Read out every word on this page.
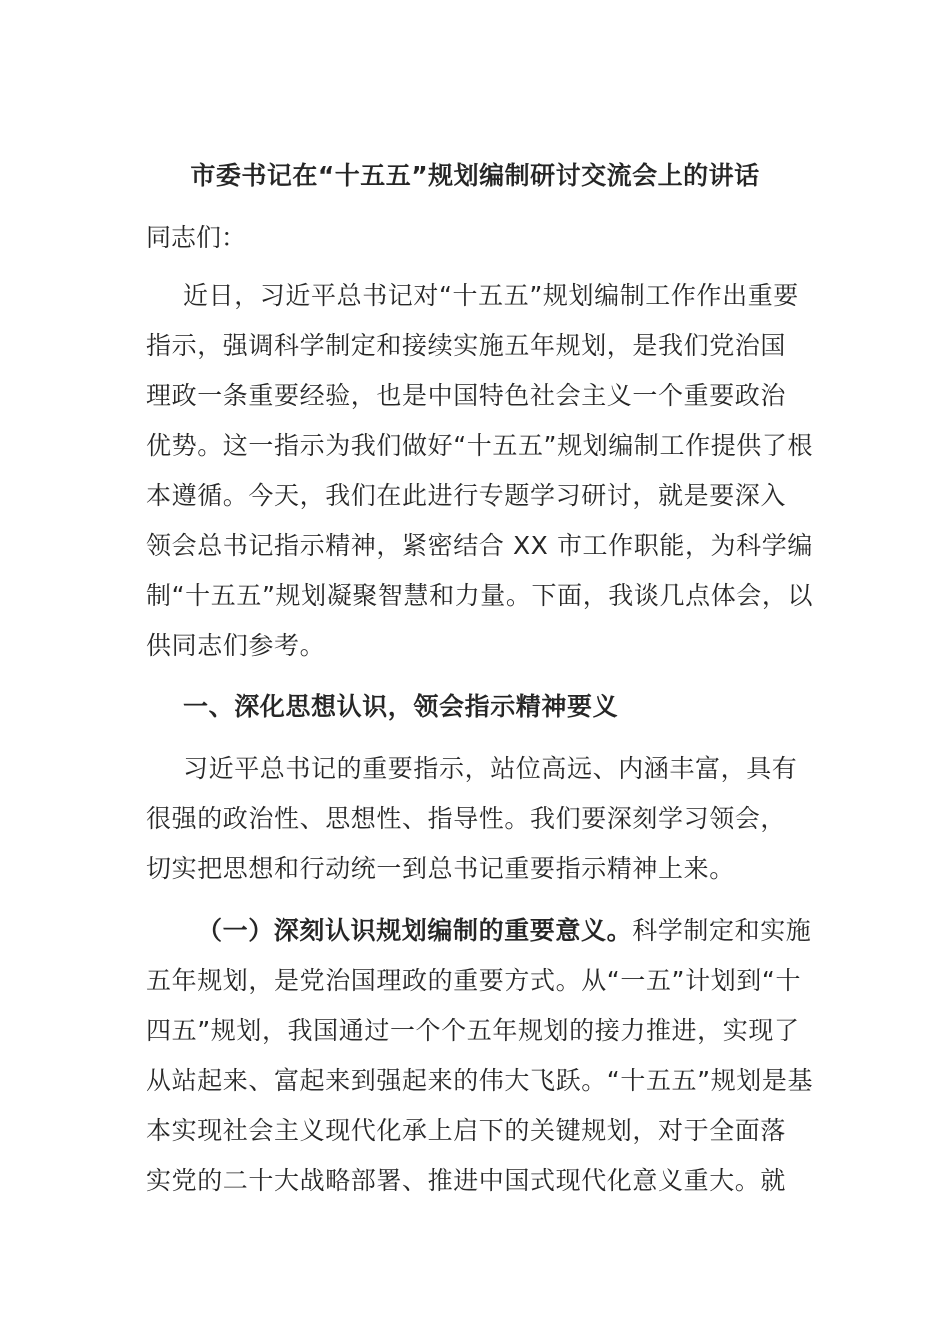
市委书记在“十五五”规划编制研讨交流会上的讲话
同志们：
近日，习近平总书记对“十五五”规划编制工作作出重要
指示，强调科学制定和接续实施五年规划，是我们党治国
理政一条重要经验，也是中国特色社会主义一个重要政治
优势。这一指示为我们做好“十五五”规划编制工作提供了根
本遵循。今天，我们在此进行专题学习研讨，就是要深入
领会总书记指示精神，紧密结合 XX 市工作职能，为科学编
制“十五五”规划凝聚智慧和力量。下面，我谈几点体会，以
供同志们参考。
一、深化思想认识，领会指示精神要义
习近平总书记的重要指示，站位高远、内涵丰富，具有
很强的政治性、思想性、指导性。我们要深刻学习领会，
切实把思想和行动统一到总书记重要指示精神上来。
（一）深刻认识规划编制的重要意义。科学制定和实施
五年规划，是党治国理政的重要方式。从“一五”计划到“十
四五”规划，我国通过一个个五年规划的接力推进，实现了
从站起来、富起来到强起来的伟大飞跃。“十五五”规划是基
本实现社会主义现代化承上启下的关键规划，对于全面落
实党的二十大战略部署、推进中国式现代化意义重大。就
